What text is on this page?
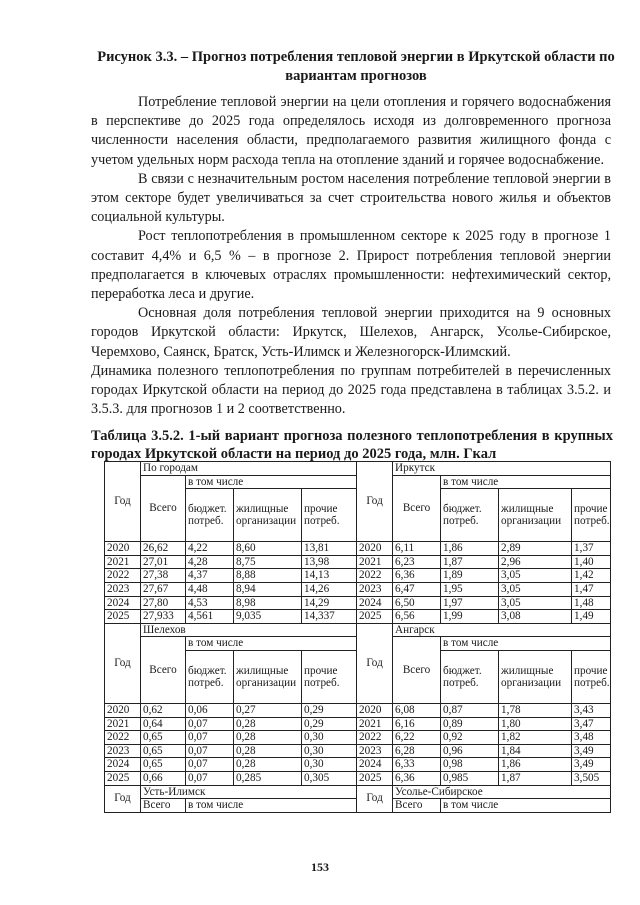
Рисунок 3.3. – Прогноз потребления тепловой энергии в Иркутской области по вариантам прогнозов

Потребление тепловой энергии на цели отопления и горячего водоснабжения в перспективе до 2025 года определялось исходя из долговременного прогноза численности населения области, предполагаемого развития жилищного фонда с учетом удельных норм расхода тепла на отопление зданий и горячее водоснабжение.

В связи с незначительным ростом населения потребление тепловой энергии в этом секторе будет увеличиваться за счет строительства нового жилья и объектов социальной культуры.

Рост теплопотребления в промышленном секторе к 2025 году в прогнозе 1 составит 4,4% и 6,5 % – в прогнозе 2. Прирост потребления тепловой энергии предполагается в ключевых отраслях промышленности: нефтехимический сектор, переработка леса и другие.

Основная доля потребления тепловой энергии приходится на 9 основных городов Иркутской области: Иркутск, Шелехов, Ангарск, Усолье-Сибирское, Черемхово, Саянск, Братск, Усть-Илимск и Железногорск-Илимский.

Динамика полезного теплопотребления по группам потребителей в перечисленных городах Иркутской области на период до 2025 года представлена в таблицах 3.5.2. и 3.5.3. для прогнозов 1 и 2 соответственно.

Таблица 3.5.2. 1-ый вариант прогноза полезного теплопотребления в крупных городах Иркутской области на период до 2025 года, млн. Гкал
Год	По городам				Год	Иркутск			
	Всего	в том числе				Всего	в том числе		
		бюджет. потреб.	жилищные организации	прочие потреб.			бюджет. потреб.	жилищные организации	прочие потреб.
2020	26,62	4,22	8,60	13,81	2020	6,11	1,86	2,89	1,37
2021	27,01	4,28	8,75	13,98	2021	6,23	1,87	2,96	1,40
2022	27,38	4,37	8,88	14,13	2022	6,36	1,89	3,05	1,42
2023	27,67	4,48	8,94	14,26	2023	6,47	1,95	3,05	1,47
2024	27,80	4,53	8,98	14,29	2024	6,50	1,97	3,05	1,48
2025	27,933	4,561	9,035	14,337	2025	6,56	1,99	3,08	1,49
Год	Шелехов				Год	Ангарск			
	Всего	в том числе				Всего	в том числе		
		бюджет. потреб.	жилищные организации	прочие потреб.			бюджет. потреб.	жилищные организации	прочие потреб.
2020	0,62	0,06	0,27	0,29	2020	6,08	0,87	1,78	3,43
2021	0,64	0,07	0,28	0,29	2021	6,16	0,89	1,80	3,47
2022	0,65	0,07	0,28	0,30	2022	6,22	0,92	1,82	3,48
2023	0,65	0,07	0,28	0,30	2023	6,28	0,96	1,84	3,49
2024	0,65	0,07	0,28	0,30	2024	6,33	0,98	1,86	3,49
2025	0,66	0,07	0,285	0,305	2025	6,36	0,985	1,87	3,505
Год	Усть-Илимск				Год	Усолье-Сибирское			
	Всего	в том числе				Всего	в том числе		
153
